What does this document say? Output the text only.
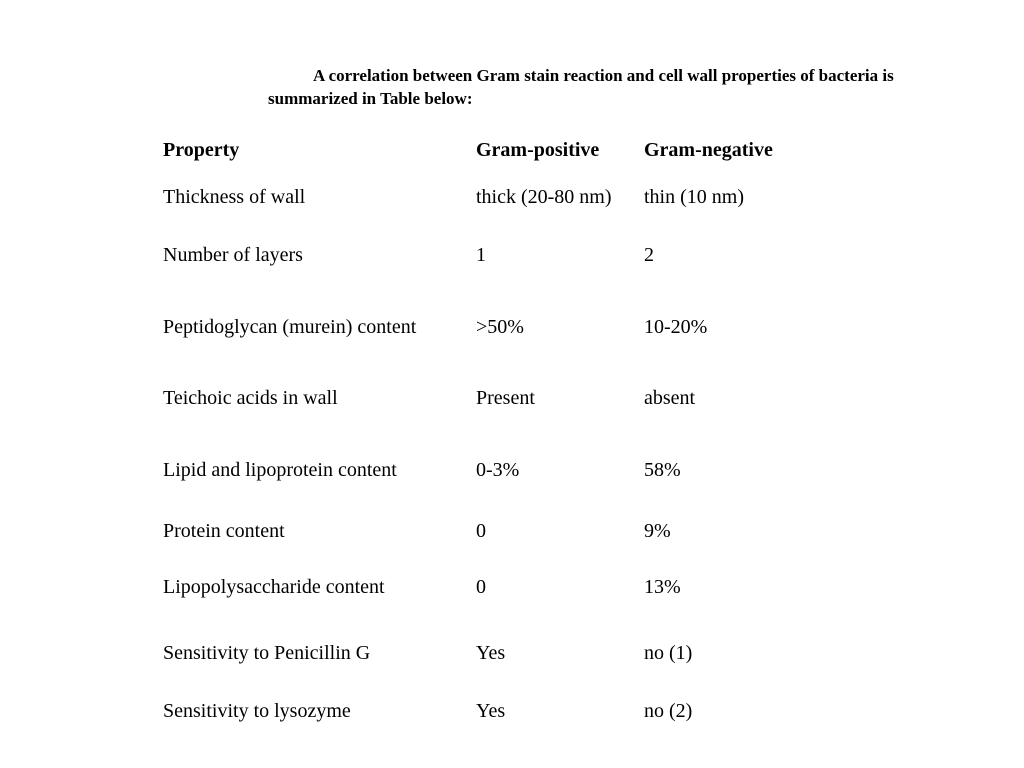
A correlation between Gram stain reaction and cell wall properties of bacteria is
summarized in Table below:
Property	Gram-positive Gram-negative
Thickness of wall	thick (20-80 nm) thin (10 nm)
Number of layers	1	2
Peptidoglycan (murein) content	>50%	10-20%
Teichoic acids in wall	Present	absent
Lipid and lipoprotein content	0-3%	58%
Protein content	0	9%
Lipopolysaccharide content	0	13%
Sensitivity to Penicillin G	Yes	no (1)
Sensitivity to lysozyme	Yes	no (2)
